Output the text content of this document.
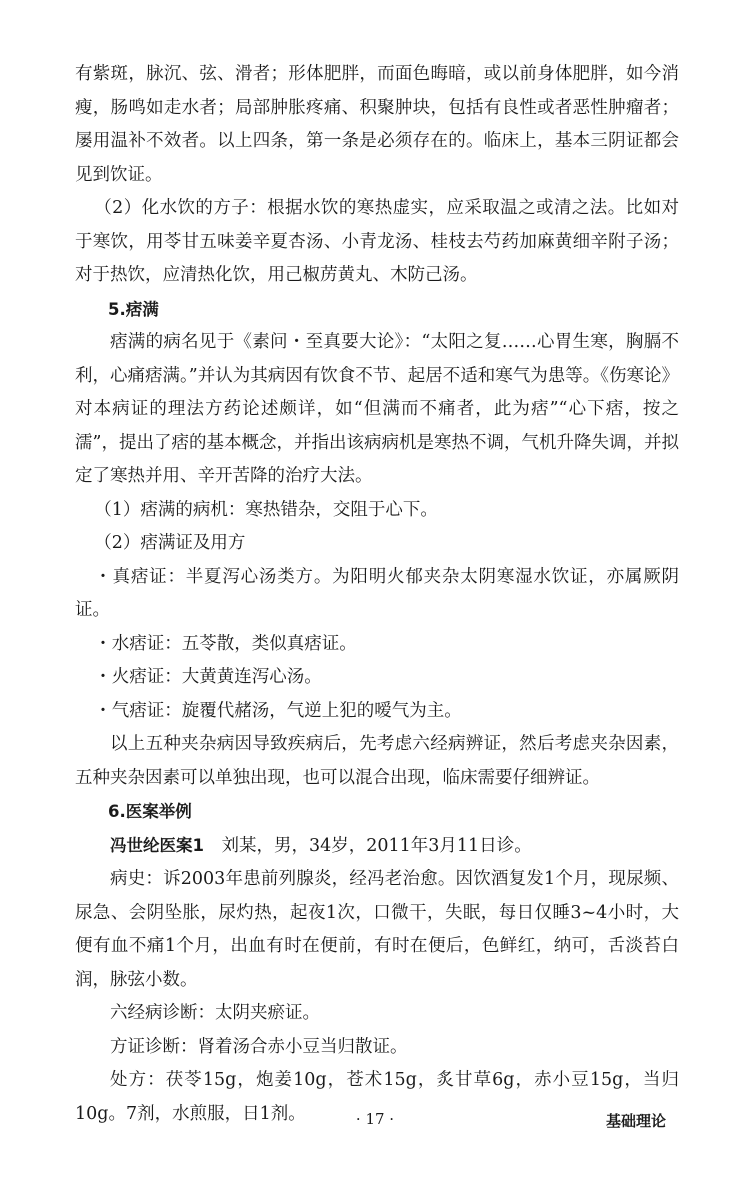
有紫斑，脉沉、弦、滑者；形体肥胖，而面色晦暗，或以前身体肥胖，如今消瘦，肠鸣如走水者；局部肿胀疼痛、积聚肿块，包括有良性或者恶性肿瘤者；屡用温补不效者。以上四条，第一条是必须存在的。临床上，基本三阴证都会见到饮证。

（2）化水饮的方子：根据水饮的寒热虚实，应采取温之或清之法。比如对于寒饮，用苓甘五味姜辛夏杏汤、小青龙汤、桂枝去芍药加麻黄细辛附子汤；对于热饮，应清热化饮，用己椒苈黄丸、木防己汤。

5.痞满

痞满的病名见于《素问・至真要大论》：“太阳之复……心胃生寒，胸膈不利，心痛痞满。”并认为其病因有饮食不节、起居不适和寒气为患等。《伤寒论》对本病证的理法方药论述颇详，如“但满而不痛者，此为痞”“心下痞，按之濡”，提出了痞的基本概念，并指出该病病机是寒热不调，气机升降失调，并拟定了寒热并用、辛开苦降的治疗大法。

（1）痞满的病机：寒热错杂，交阻于心下。

（2）痞满证及用方

・真痞证：半夏泻心汤类方。为阳明火郁夹杂太阴寒湿水饮证，亦属厥阴证。

・水痞证：五苓散，类似真痞证。

・火痞证：大黄黄连泻心汤。

・气痞证：旋覆代赭汤，气逆上犯的嗳气为主。

以上五种夹杂病因导致疾病后，先考虑六经病辨证，然后考虑夹杂因素，五种夹杂因素可以单独出现，也可以混合出现，临床需要仔细辨证。

6.医案举例

冯世纶医案1　刘某，男，34岁，2011年3月11日诊。

病史：诉2003年患前列腺炎，经冯老治愈。因饮酒复发1个月，现尿频、尿急、会阴坠胀，尿灼热，起夜1次，口微干，失眠，每日仅睡3~4小时，大便有血不痛1个月，出血有时在便前，有时在便后，色鲜红，纳可，舌淡苔白润，脉弦小数。

六经病诊断：太阴夹瘀证。

方证诊断：肾着汤合赤小豆当归散证。

处方：茯苓15g，炮姜10g，苍术15g，炙甘草6g，赤小豆15g，当归10g。7剂，水煎服，日1剂。	· 17 ·	基础理论
